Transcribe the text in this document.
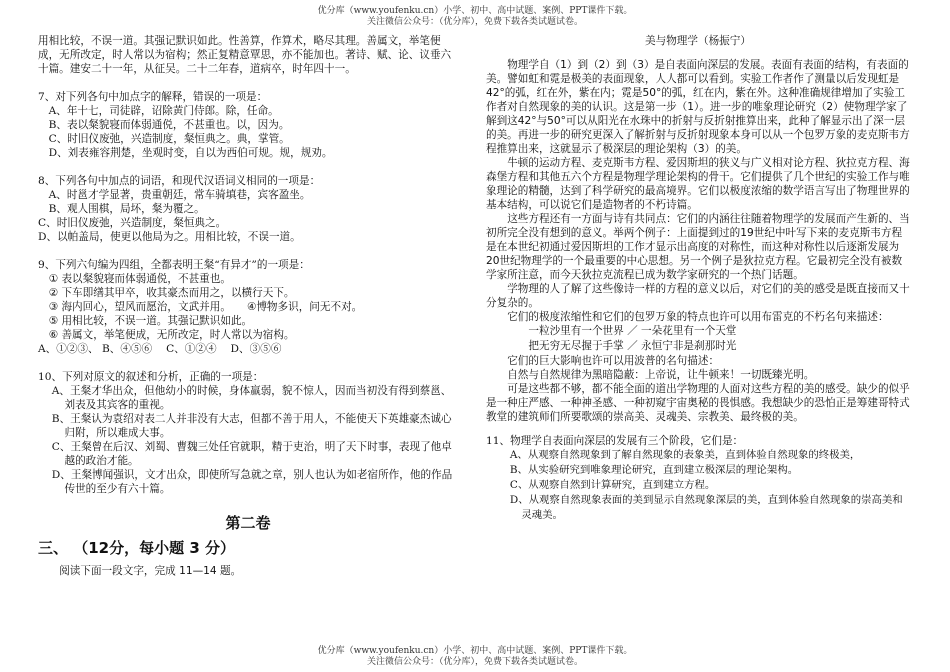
优分库（www.youfenku.cn）小学、初中、高中试题、案例、PPT课件下载。
关注微信公众号：（优分库），免费下载各类试题试卷。

用相比较，不误一道。其强记默识如此。性善算，作算术，略尽其理。善属文，举笔便成，无所改定，时人常以为宿构；然正复精意覃思，亦不能加也。著诗、赋、论、议垂六十篇。建安二十一年，从征吴。二十二年春，道病卒，时年四十一。

7、对下列各句中加点字的解释，错误的一项是：

A、年十七，司徒辟，诏除黄门侍郎。除，任命。

B、表以粲貌寝而体弱通侻，不甚重也。以，因为。

C、时旧仪废弛，兴造制度，粲恒典之。典，掌管。

D、刘表雍容荆楚，坐观时变，自以为西伯可规。规，规劝。

8、下列各句中加点的词语，和现代汉语词义相同的一项是：

A、时邕才学显著，贵重朝廷，常车骑填巷，宾客盈坐。

B、观人围棋，局坏，粲为覆之。

C、时旧仪废弛，兴造制度，粲恒典之。

D、以帕盖局，使更以他局为之。用相比较，不误一道。

9、下列六句编为四组，全都表明王粲“有异才”的一项是：

① 表以粲貌寝而体弱通侻，不甚重也。

② 下车即缮其甲卒，收其豪杰而用之，以横行天下。

③ 海内回心，望风而愿治，文武并用。　　④博物多识，问无不对。

⑤ 用相比较，不误一道。其强记默识如此。

⑥ 善属文，举笔便成，无所改定，时人常以为宿构。

A、①②③、 B、④⑤⑥　 C、①②④　 D、③⑤⑥

10、下列对原文的叙述和分析，正确的一项是：

A、王粲才华出众，但他幼小的时候，身体羸弱，貌不惊人，因而当初没有得到蔡邕、刘表及其宾客的重视。

B、王粲认为袁绍对表二人并非没有大志，但都不善于用人，不能使天下英雄豪杰诚心归附，所以难成大事。

C、王粲曾在后汉、刘蜀、曹魏三处任官就职，精于吏治，明了天下时事，表现了他卓越的政治才能。

D、王粲博闻强识，文才出众，即使所写急就之章，别人也认为如老宿所作，他的作品传世的至少有六十篇。

第二卷

三、 （12分，每小题 3 分）

阅读下面一段文字，完成 11—14 题。

美与物理学（杨振宁）

物理学自（1）到（2）到（3）是自表面向深层的发展。表面有表面的结构，有表面的美。譬如虹和霓是极美的表面现象，人人都可以看到。实验工作者作了测量以后发现虹是42°的弧，红在外，紫在内；霓是50°的弧，红在内，紫在外。这种准确规律增加了实验工作者对自然现象的美的认识。这是第一步（1）。进一步的唯象理论研究（2）使物理学家了解到这42°与50°可以从阳光在水珠中的折射与反折射推算出来，此种了解显示出了深一层的美。再进一步的研究更深入了解折射与反折射现象本身可以从一个包罗万象的麦克斯韦方程推算出来，这就显示了极深层的理论架构（3）的美。

牛顿的运动方程、麦克斯韦方程、爱因斯坦的狭义与广义相对论方程、狄拉克方程、海森堡方程和其他五六个方程是物理学理论架构的骨干。它们提供了几个世纪的实验工作与唯象理论的精髓，达到了科学研究的最高境界。它们以极度浓缩的数学语言写出了物理世界的基本结构，可以说它们是造物者的不朽诗篇。

这些方程还有一方面与诗有共同点：它们的内涵往往随着物理学的发展而产生新的、当初所完全没有想到的意义。举两个例子：上面提到过的19世纪中叶写下来的麦克斯韦方程是在本世纪初通过爱因斯坦的工作才显示出高度的对称性，而这种对称性以后逐渐发展为20世纪物理学的一个最重要的中心思想。另一个例子是狄拉克方程。它最初完全没有被数学家所注意，而今天狄拉克流程已成为数学家研究的一个热门话题。

学物理的人了解了这些像诗一样的方程的意义以后，对它们的美的感受是既直接而又十分复杂的。

它们的极度浓缩性和它们的包罗万象的特点也许可以用布雷克的不朽名句来描述：

一粒沙里有一个世界 ／ 一朵花里有一个天堂

把无穷无尽握于手掌 ／ 永恒宁非是刹那时光

它们的巨大影响也许可以用波普的名句描述：

自然与自然规律为黑暗隐蔽：上帝说，让牛顿来！一切既臻光明。

可是这些都不够，都不能全面的道出学物理的人面对这些方程的美的感受。缺少的似乎是一种庄严感、一种神圣感、一种初窥宇宙奥秘的畏惧感。我想缺少的恐怕正是筹建哥特式教堂的建筑师们所要歌颂的崇高美、灵魂美、宗教美、最终极的美。

11、物理学自表面向深层的发展有三个阶段，它们是：

A、从观察自然现象到了解自然现象的表象美，直到体验自然现象的终极美，

B、从实验研究到唯象理论研究，直到建立极深层的理论架构。

C、从观察自然到计算研究，直到建立方程。

D、从观察自然现象表面的美到显示自然现象深层的美，直到体验自然现象的崇高美和灵魂美。

优分库（www.youfenku.cn）小学、初中、高中试题、案例、PPT课件下载。
关注微信公众号：（优分库），免费下载各类试题试卷。
